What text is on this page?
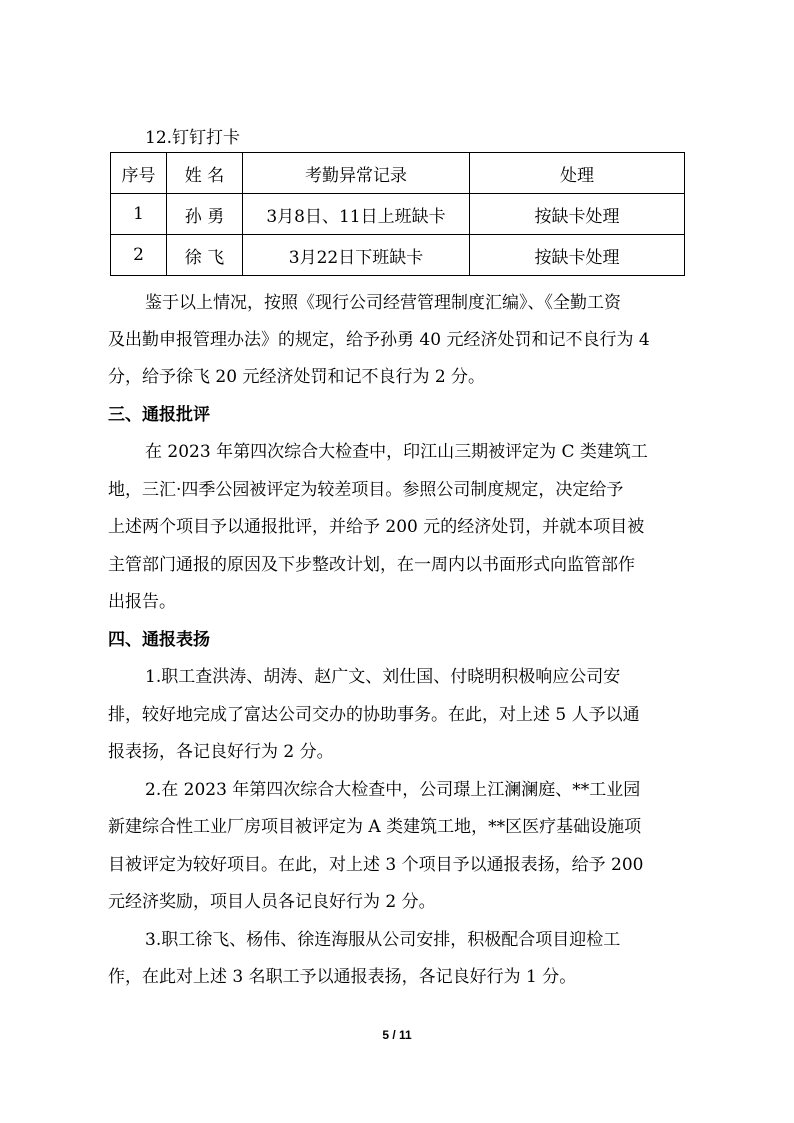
12.钉钉打卡
序号	姓 名	考勤异常记录	处理
1	孙 勇	3月8日、11日上班缺卡	按缺卡处理
2	徐 飞	3月22日下班缺卡	按缺卡处理
鉴于以上情况，按照《现行公司经营管理制度汇编》、《全勤工资
及出勤申报管理办法》的规定，给予孙勇 40 元经济处罚和记不良行为 4
分，给予徐飞 20 元经济处罚和记不良行为 2 分。
三、通报批评
在 2023 年第四次综合大检查中，印江山三期被评定为 C 类建筑工
地，三汇·四季公园被评定为较差项目。参照公司制度规定，决定给予
上述两个项目予以通报批评，并给予 200 元的经济处罚，并就本项目被
主管部门通报的原因及下步整改计划，在一周内以书面形式向监管部作
出报告。
四、通报表扬
1.职工查洪涛、胡涛、赵广文、刘仕国、付晓明积极响应公司安
排，较好地完成了富达公司交办的协助事务。在此，对上述 5 人予以通
报表扬，各记良好行为 2 分。
2.在 2023 年第四次综合大检查中，公司璟上江澜澜庭、**工业园
新建综合性工业厂房项目被评定为 A 类建筑工地，**区医疗基础设施项
目被评定为较好项目。在此，对上述 3 个项目予以通报表扬，给予 200
元经济奖励，项目人员各记良好行为 2 分。
3.职工徐飞、杨伟、徐连海服从公司安排，积极配合项目迎检工
作，在此对上述 3 名职工予以通报表扬，各记良好行为 1 分。
5 / 11
